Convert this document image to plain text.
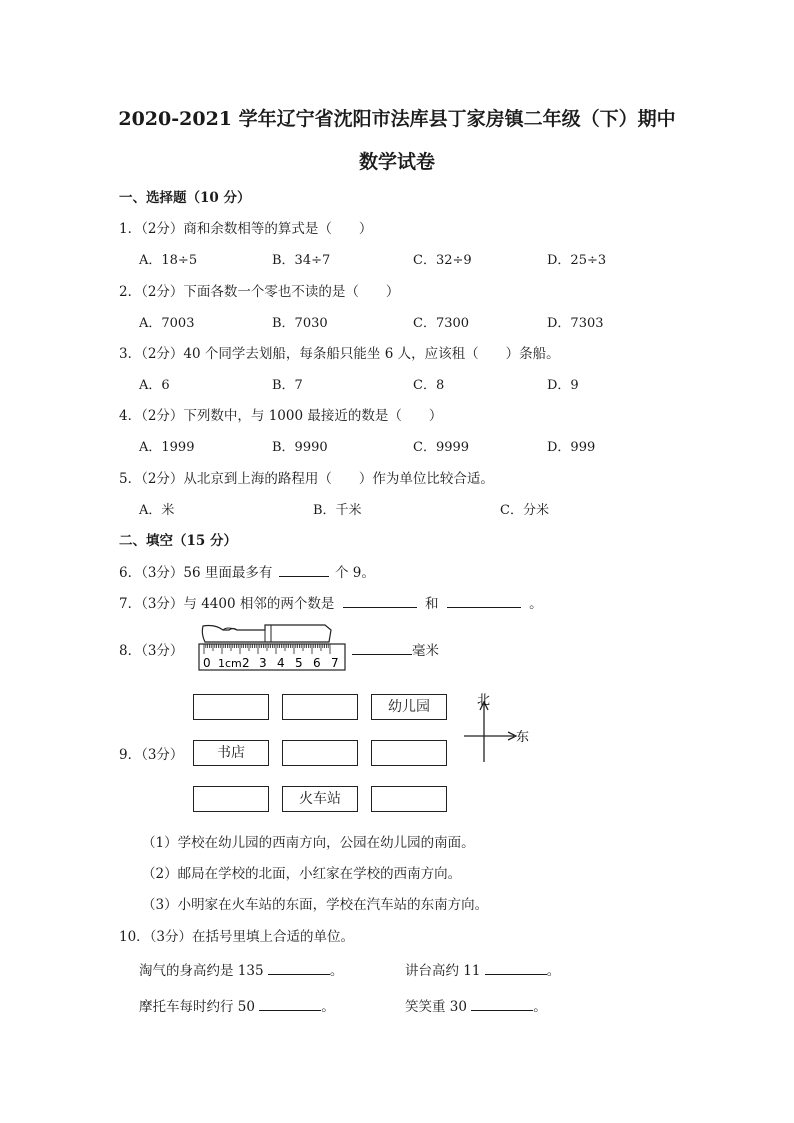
2020-2021 学年辽宁省沈阳市法库县丁家房镇二年级（下）期中
数学试卷
一、选择题（10 分）
1．（2分）商和余数相等的算式是（　　）
A．18÷5	B．34÷7	C．32÷9	D．25÷3
2．（2分）下面各数一个零也不读的是（　　）
A．7003	B．7030	C．7300	D．7303
3．（2分）40 个同学去划船，每条船只能坐 6 人，应该租（　　）条船。
A．6	B．7	C．8	D．9
4．（2分）下列数中，与 1000 最接近的数是（　　）
A．1999	B．9990	C．9999	D．999
5．（2分）从北京到上海的路程用（　　）作为单位比较合适。
A．米	B．千米	C．分米
二、填空（15 分）
6．（3分）56 里面最多有	个 9。
7．（3分）与 4400 相邻的两个数是	和	。
8．（3分）
0 1cm 2 3 4 5 6 7
毫米
9．（3分）
幼儿园
书店
火车站
北
东
（1）学校在幼儿园的西南方向，公园在幼儿园的南面。
（2）邮局在学校的北面，小红家在学校的西南方向。
（3）小明家在火车站的东面，学校在汽车站的东南方向。
10．（3分）在括号里填上合适的单位。
淘气的身高约是 135	。	讲台高约 11	。
摩托车每时约行 50	。	笑笑重 30	。
